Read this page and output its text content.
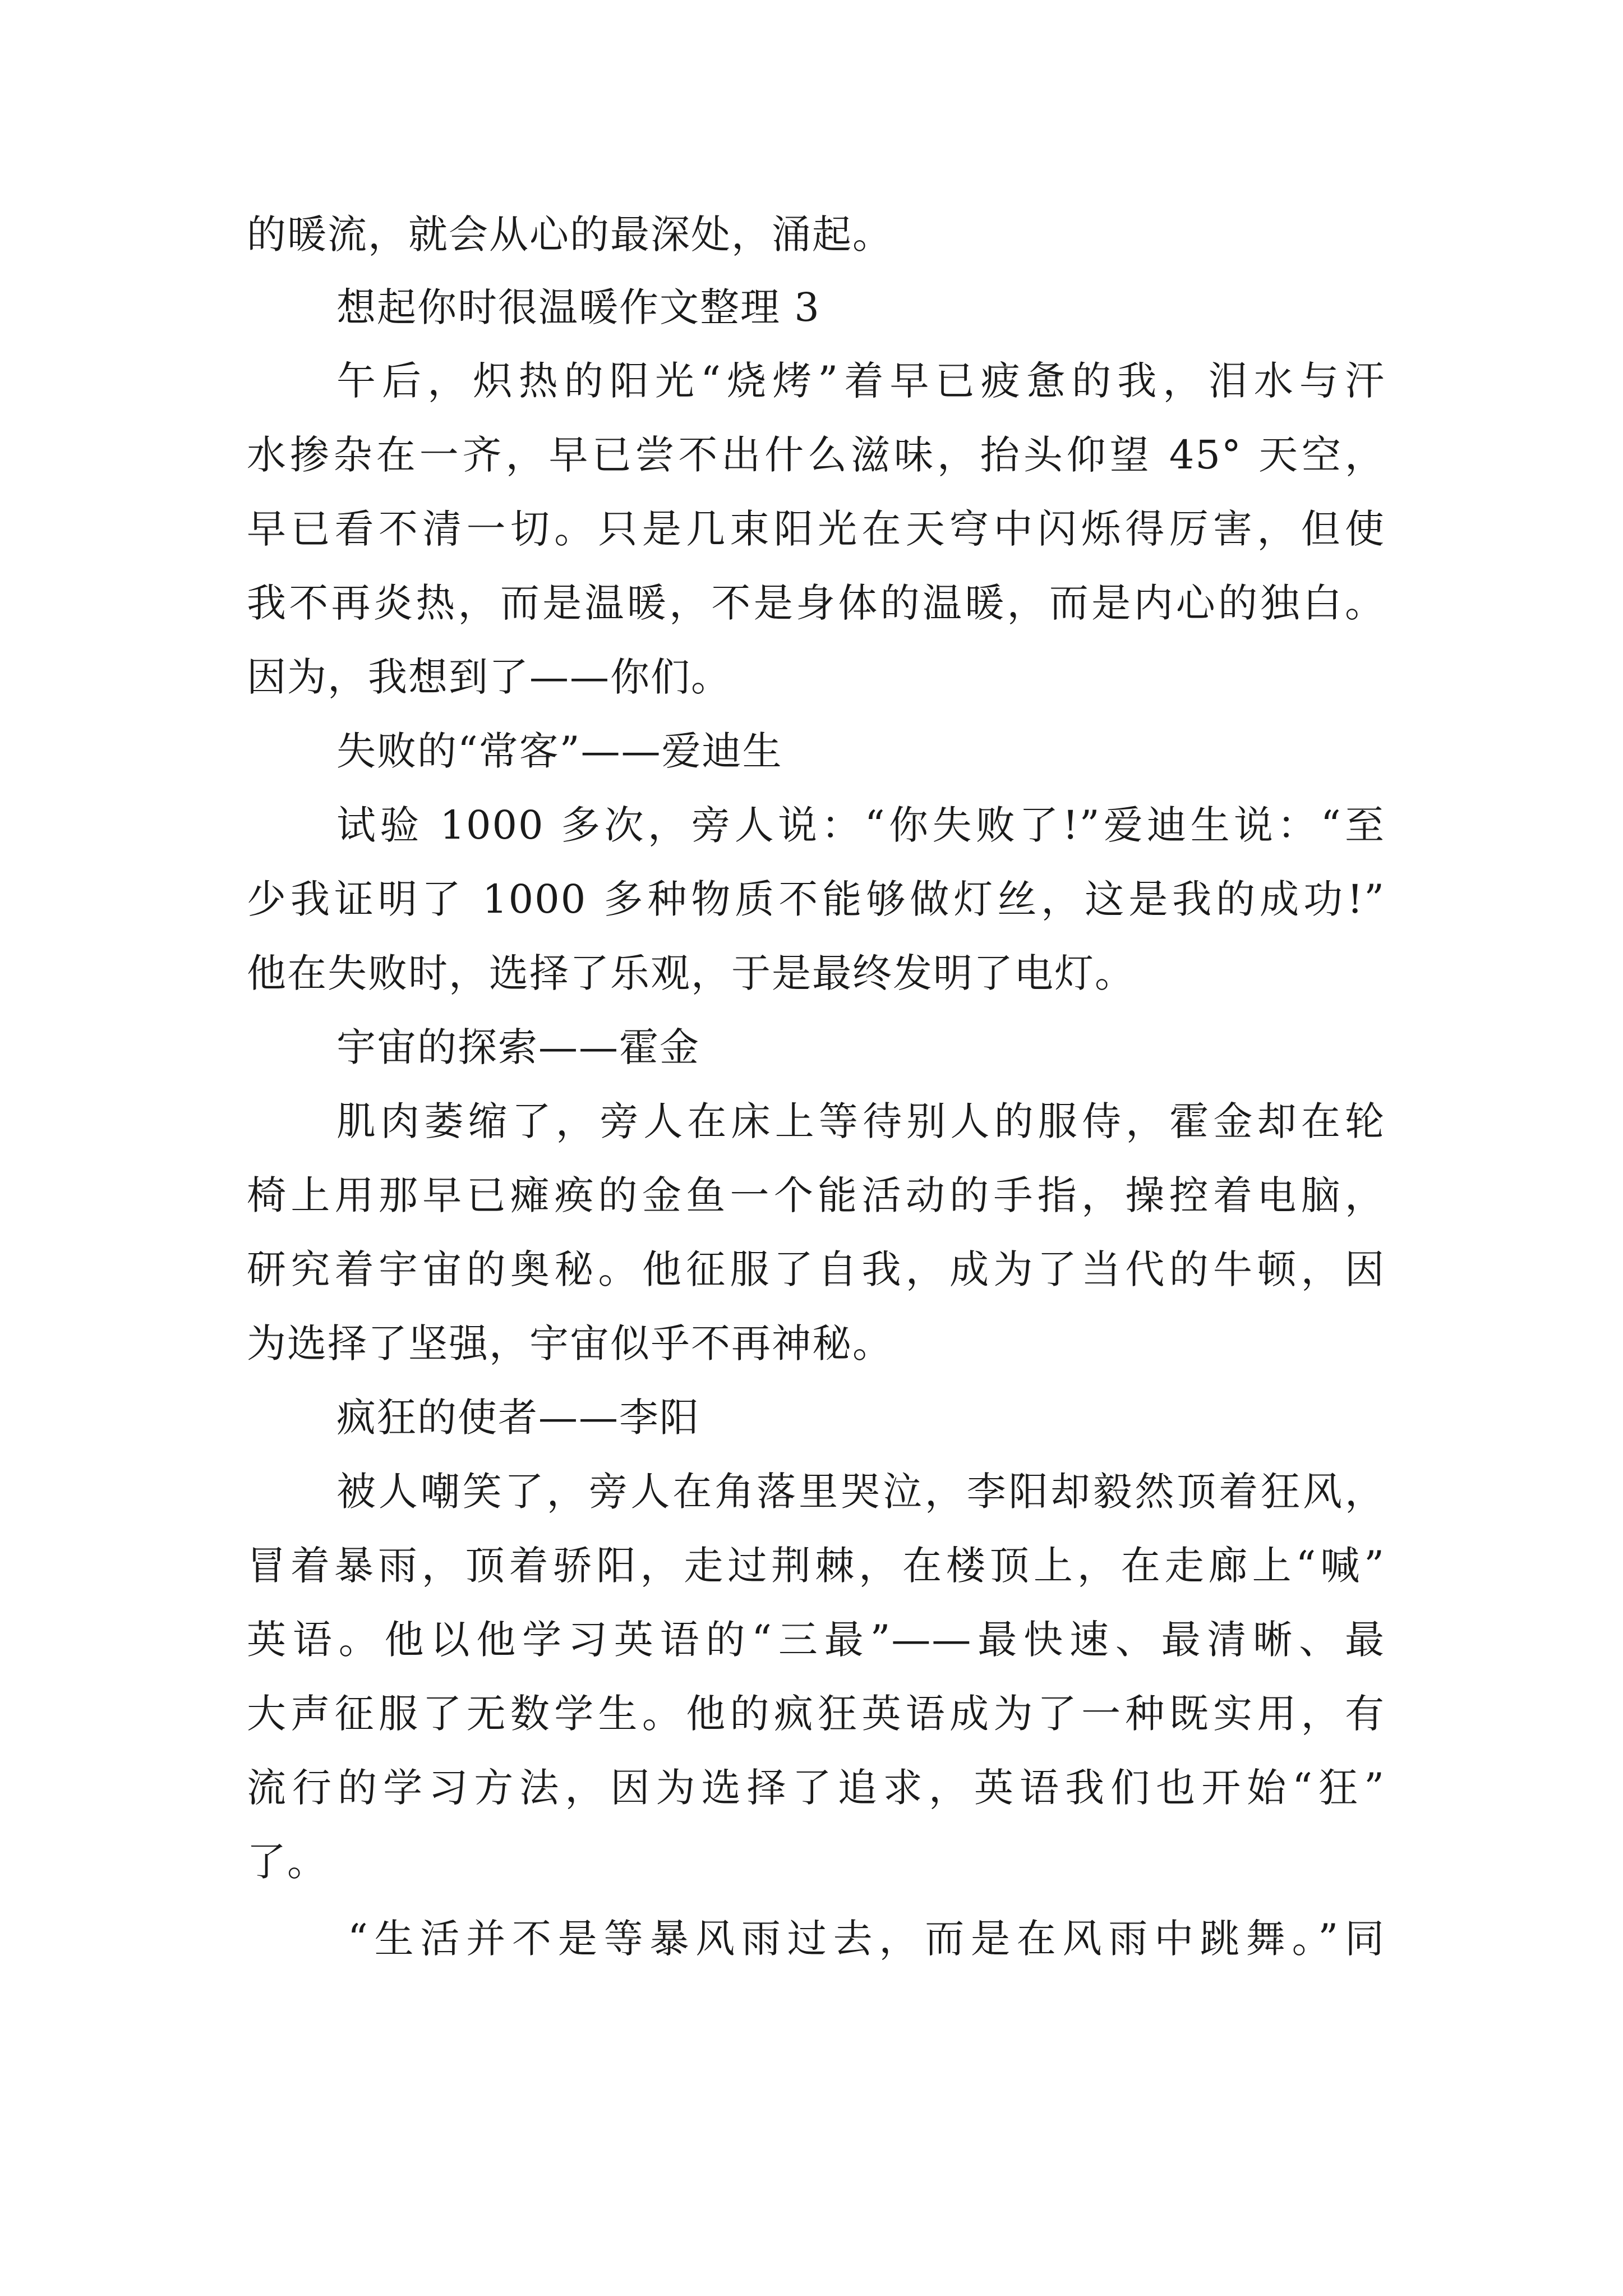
的暖流，就会从心的最深处，涌起。
想起你时很温暖作文整理 3
午后，炽热的阳光“烧烤”着早已疲惫的我，泪水与汗
水掺杂在一齐，早已尝不出什么滋味，抬头仰望 45° 天空，
早已看不清一切。只是几束阳光在天穹中闪烁得厉害，但使
我不再炎热，而是温暖，不是身体的温暖，而是内心的独白。
因为，我想到了——你们。
失败的“常客”——爱迪生
试验 1000 多次，旁人说：“你失败了!”爱迪生说：“至
少我证明了 1000 多种物质不能够做灯丝，这是我的成功!”
他在失败时，选择了乐观，于是最终发明了电灯。
宇宙的探索——霍金
肌肉萎缩了，旁人在床上等待别人的服侍，霍金却在轮
椅上用那早已瘫痪的金鱼一个能活动的手指，操控着电脑，
研究着宇宙的奥秘。他征服了自我，成为了当代的牛顿，因
为选择了坚强，宇宙似乎不再神秘。
疯狂的使者——李阳
被人嘲笑了，旁人在角落里哭泣，李阳却毅然顶着狂风，
冒着暴雨，顶着骄阳，走过荆棘，在楼顶上，在走廊上“喊”
英语。他以他学习英语的“三最”——最快速、最清晰、最
大声征服了无数学生。他的疯狂英语成为了一种既实用，有
流行的学习方法，因为选择了追求，英语我们也开始“狂”
了。
“生活并不是等暴风雨过去，而是在风雨中跳舞。”同
